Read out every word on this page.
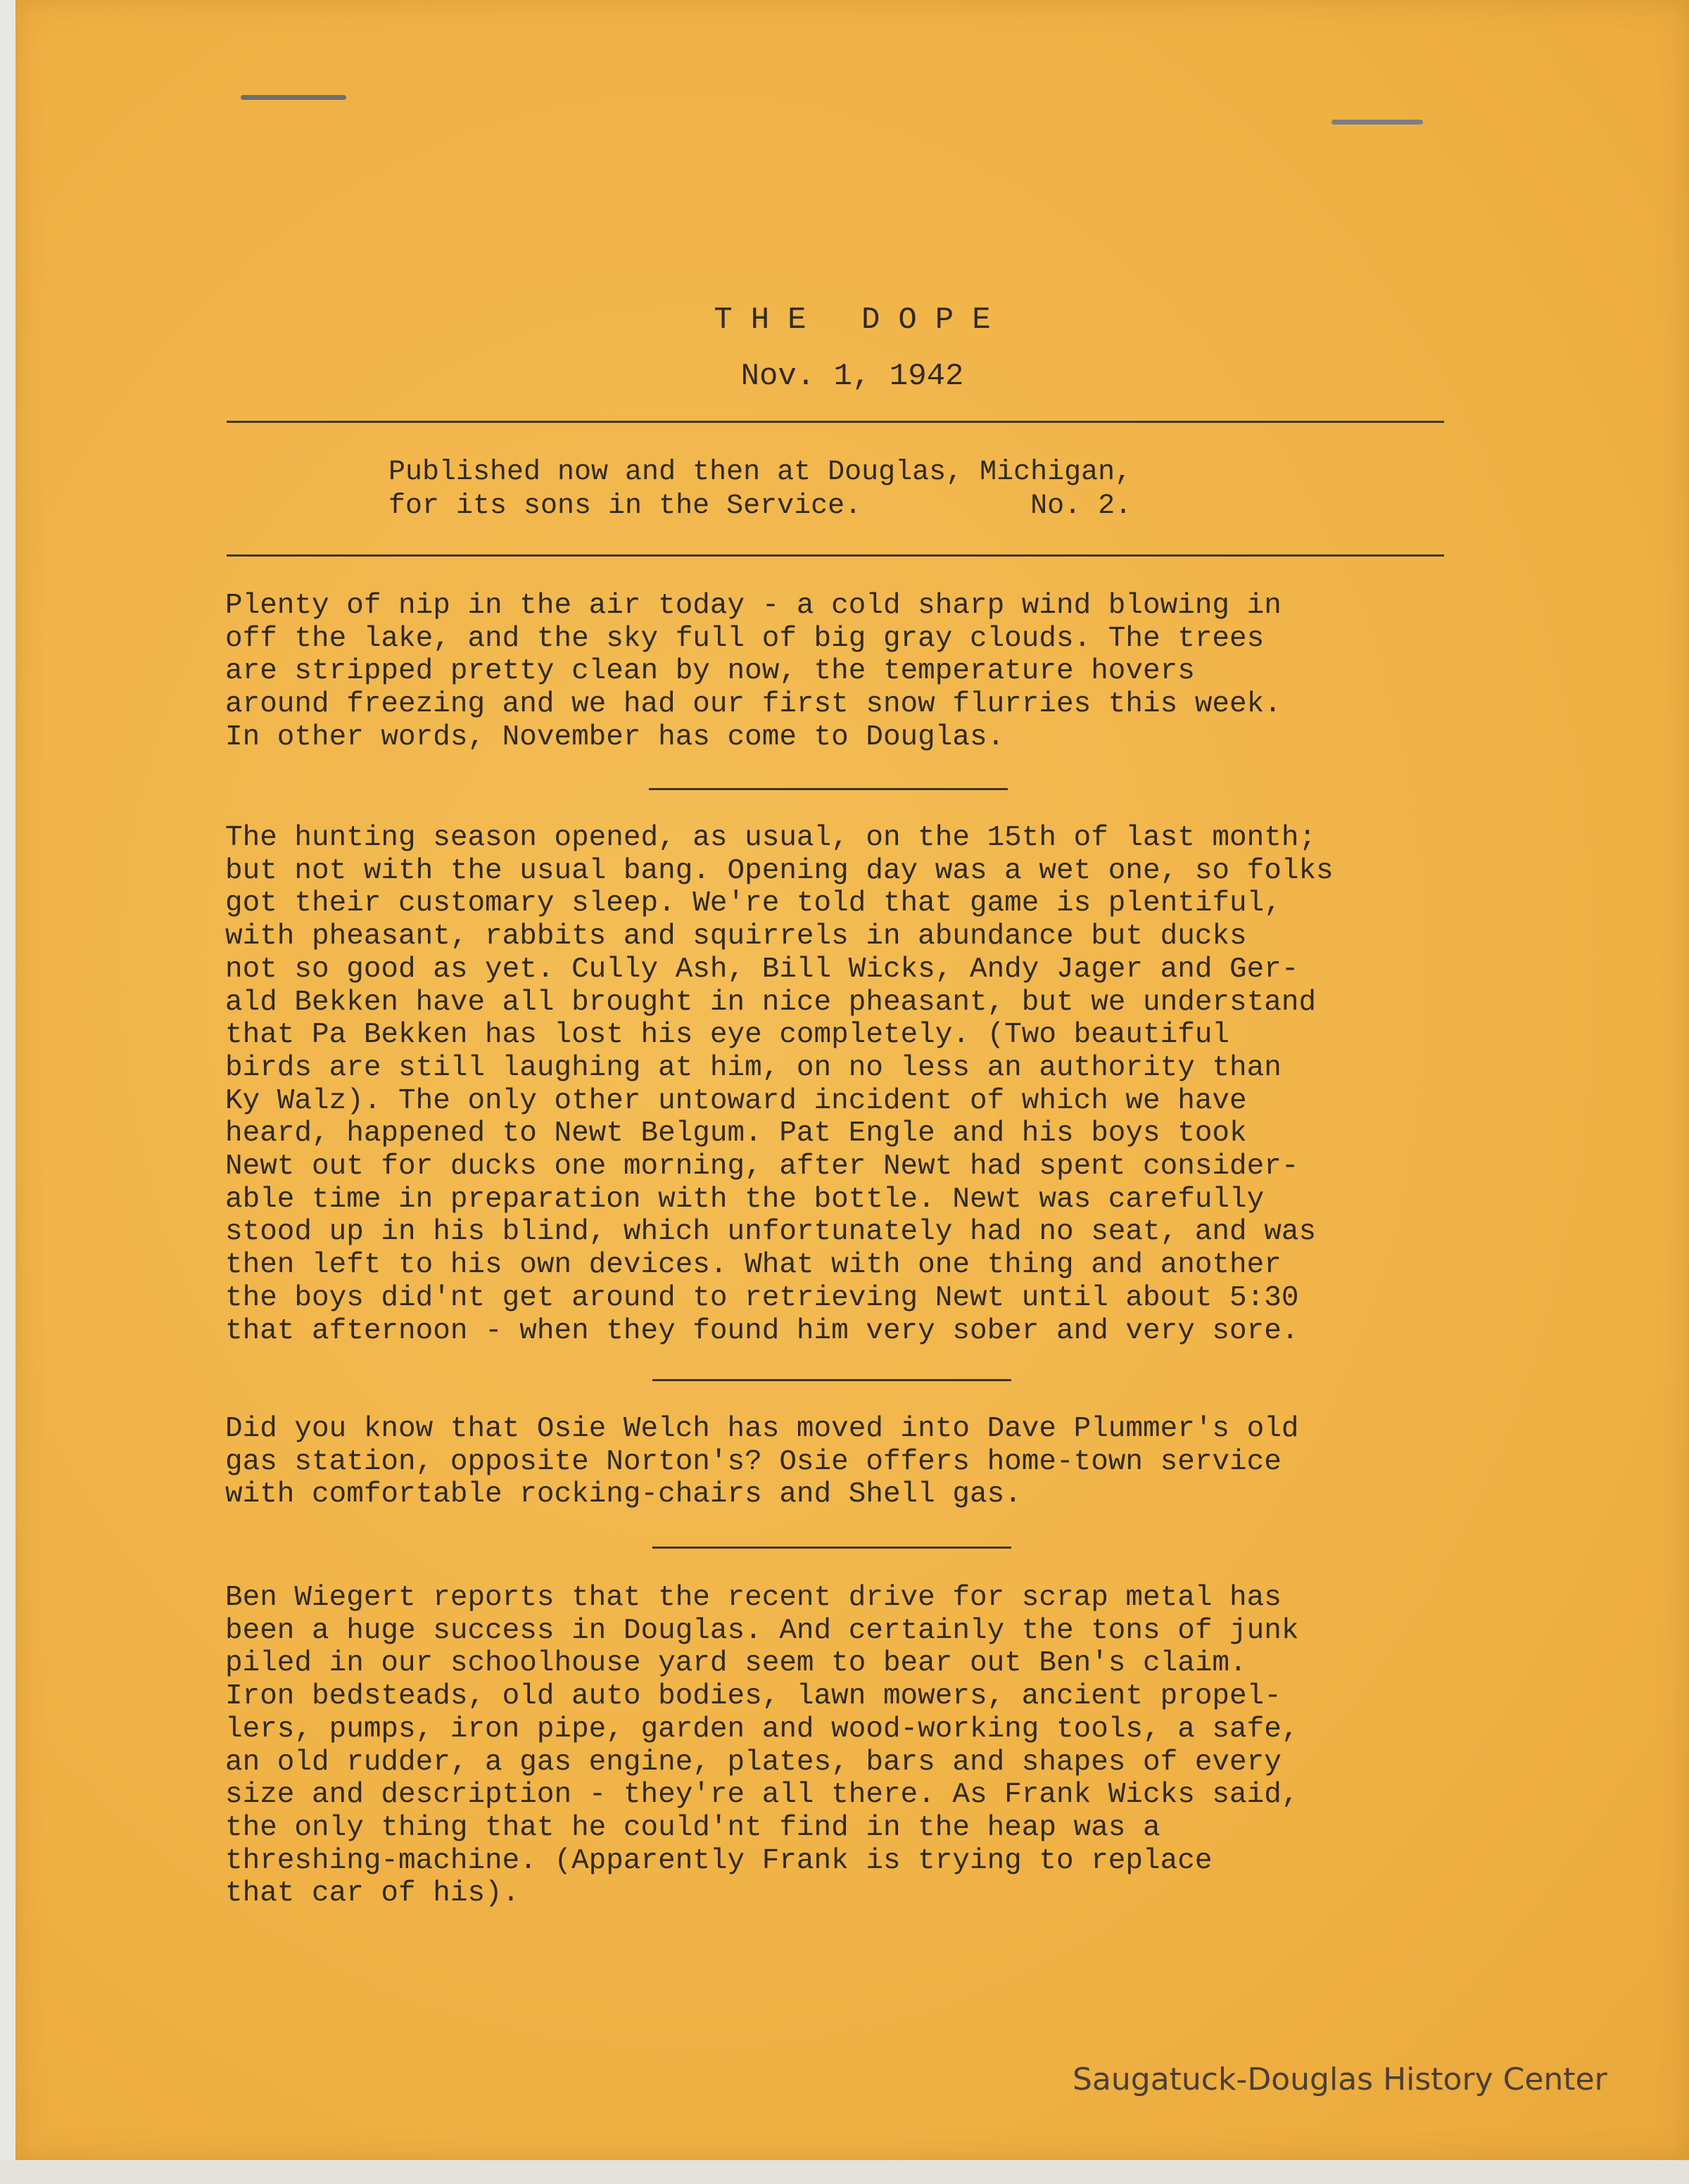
THE DOPE
Nov. 1, 1942
Published now and then at Douglas, Michigan,
for its sons in the Service.	No. 2.
Plenty of nip in the air today - a cold sharp wind blowing in
off the lake, and the sky full of big gray clouds. The trees
are stripped pretty clean by now, the temperature hovers
around freezing and we had our first snow flurries this week.
In other words, November has come to Douglas.
The hunting season opened, as usual, on the 15th of last month;
but not with the usual bang. Opening day was a wet one, so folks
got their customary sleep. We're told that game is plentiful,
with pheasant, rabbits and squirrels in abundance but ducks
not so good as yet. Cully Ash, Bill Wicks, Andy Jager and Ger-
ald Bekken have all brought in nice pheasant, but we understand
that Pa Bekken has lost his eye completely. (Two beautiful
birds are still laughing at him, on no less an authority than
Ky Walz). The only other untoward incident of which we have
heard, happened to Newt Belgum. Pat Engle and his boys took
Newt out for ducks one morning, after Newt had spent consider-
able time in preparation with the bottle. Newt was carefully
stood up in his blind, which unfortunately had no seat, and was
then left to his own devices. What with one thing and another
the boys did'nt get around to retrieving Newt until about 5:30
that afternoon - when they found him very sober and very sore.
Did you know that Osie Welch has moved into Dave Plummer's old
gas station, opposite Norton's? Osie offers home-town service
with comfortable rocking-chairs and Shell gas.
Ben Wiegert reports that the recent drive for scrap metal has
been a huge success in Douglas. And certainly the tons of junk
piled in our schoolhouse yard seem to bear out Ben's claim.
Iron bedsteads, old auto bodies, lawn mowers, ancient propel-
lers, pumps, iron pipe, garden and wood-working tools, a safe,
an old rudder, a gas engine, plates, bars and shapes of every
size and description - they're all there. As Frank Wicks said,
the only thing that he could'nt find in the heap was a
threshing-machine. (Apparently Frank is trying to replace
that car of his).
Saugatuck-Douglas History Center
